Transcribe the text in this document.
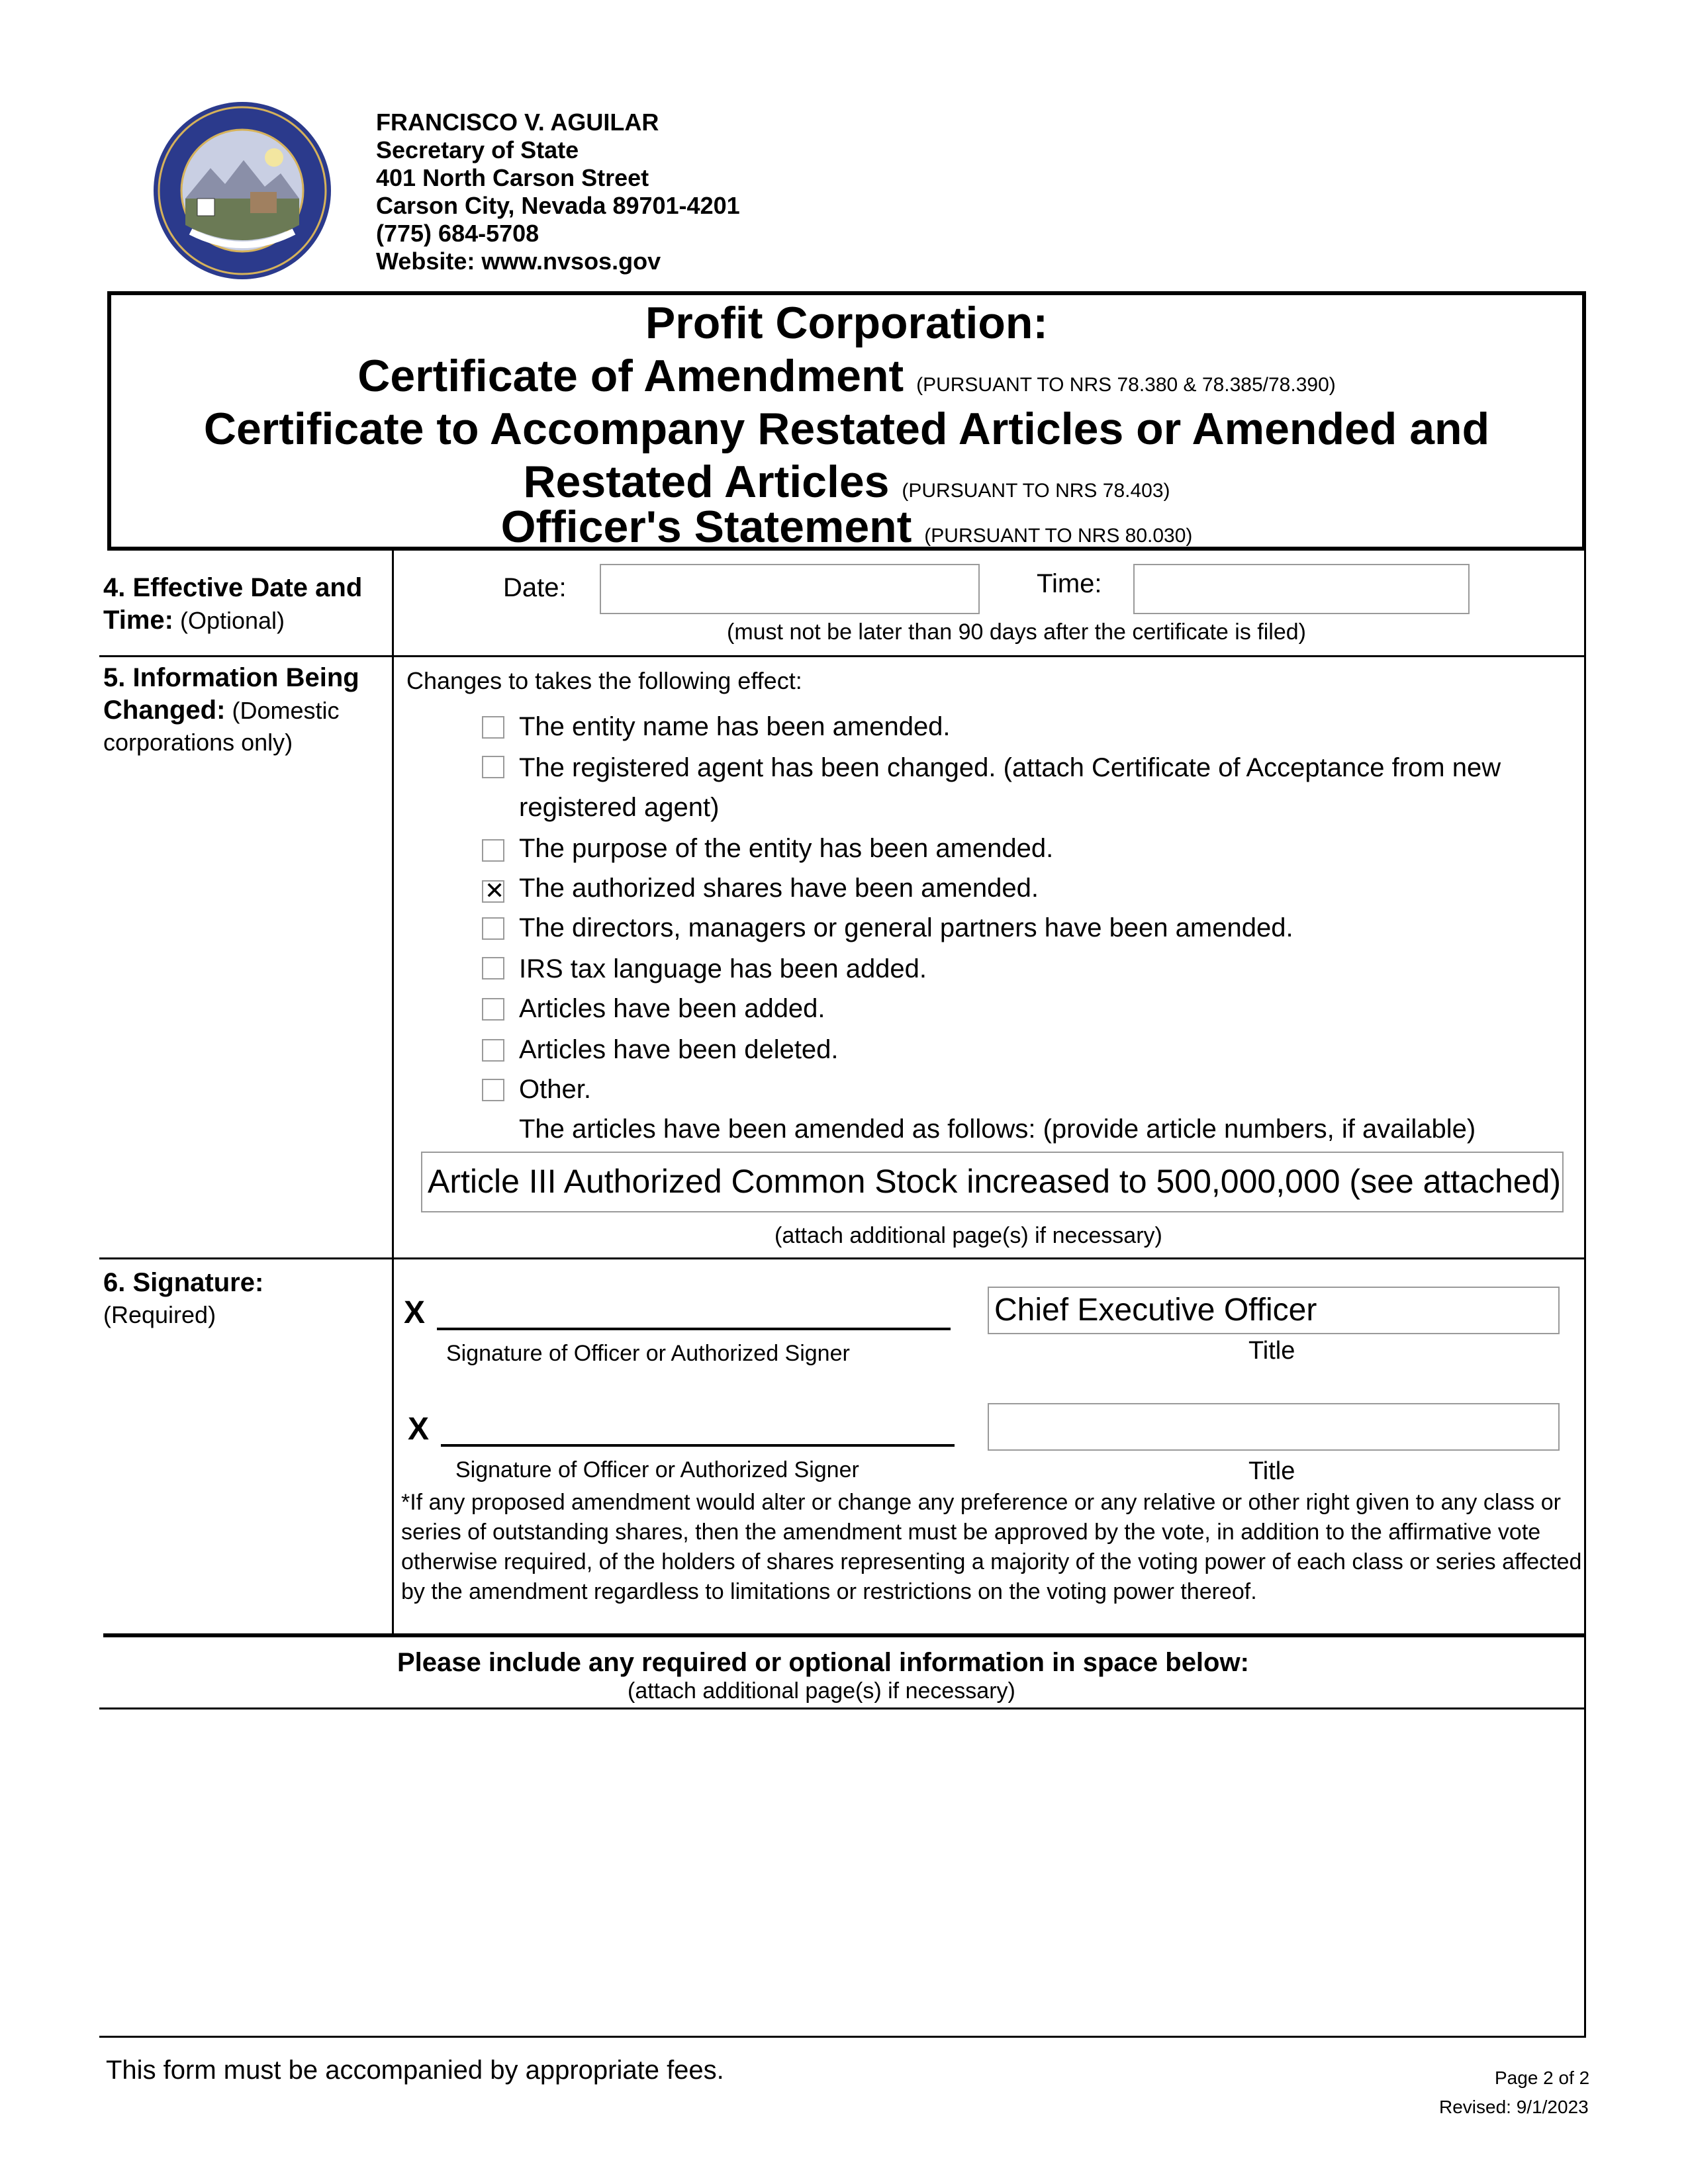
FRANCISCO V. AGUILAR
Secretary of State
401 North Carson Street
Carson City, Nevada 89701-4201
(775) 684-5708
Website: www.nvsos.gov
Profit Corporation:
Certificate of Amendment (PURSUANT TO NRS 78.380 & 78.385/78.390)
Certificate to Accompany Restated Articles or Amended and
Restated Articles (PURSUANT TO NRS 78.403)
Officer's Statement (PURSUANT TO NRS 80.030)
4. Effective Date and
Time: (Optional)
Date:	Time:
(must not be later than 90 days after the certificate is filed)
5. Information Being
Changed: (Domestic
corporations only)
Changes to takes the following effect:
The entity name has been amended.
The registered agent has been changed. (attach Certificate of Acceptance from new
registered agent)
The purpose of the entity has been amended.
✕ The authorized shares have been amended.
The directors, managers or general partners have been amended.
IRS tax language has been added.
Articles have been added.
Articles have been deleted.
Other.
The articles have been amended as follows: (provide article numbers, if available)
Article III Authorized Common Stock increased to 500,000,000 (see attached)
(attach additional page(s) if necessary)
6. Signature:
(Required)	X
Signature of Officer or Authorized Signer
Chief Executive Officer
Title
X
Signature of Officer or Authorized Signer	Title
*If any proposed amendment would alter or change any preference or any relative or other right given to any class or series of outstanding shares, then the amendment must be approved by the vote, in addition to the affirmative vote otherwise required, of the holders of shares representing a majority of the voting power of each class or series affected by the amendment regardless to limitations or restrictions on the voting power thereof.
Please include any required or optional information in space below:
(attach additional page(s) if necessary)
This form must be accompanied by appropriate fees.	Page 2 of 2
Revised: 9/1/2023
